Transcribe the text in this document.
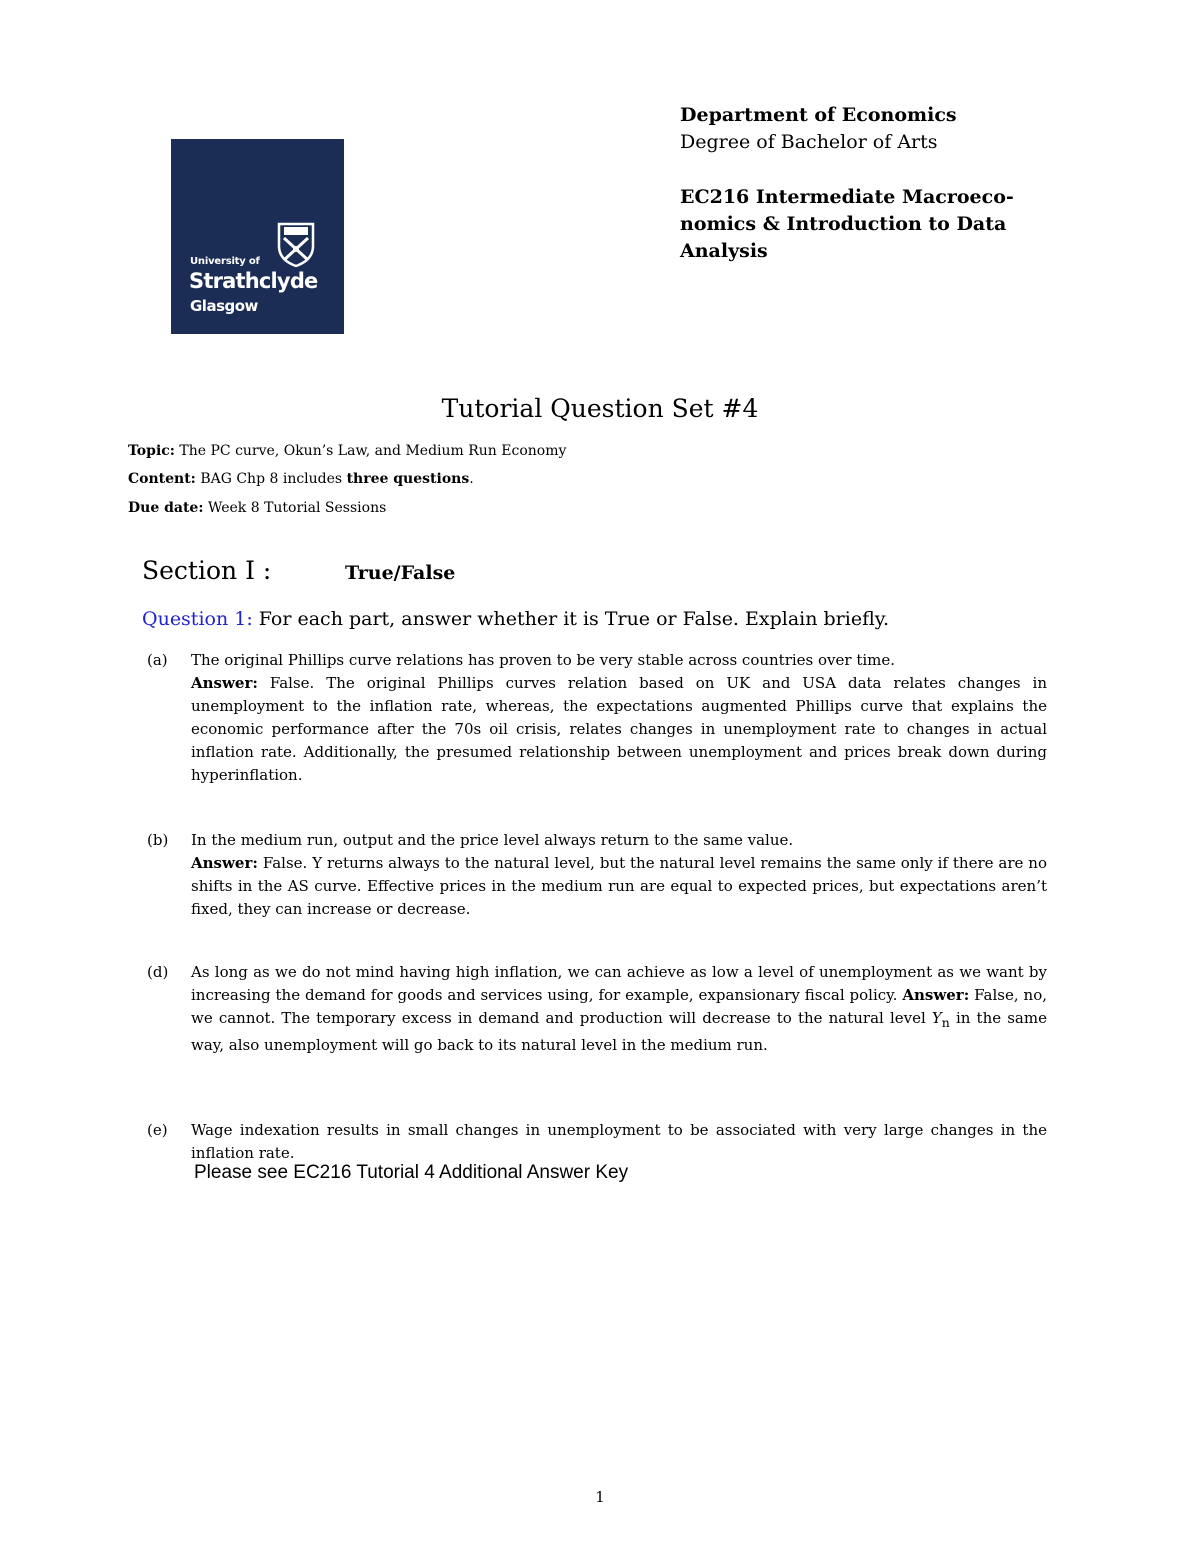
University of
Strathclyde
Glasgow
Department of Economics
Degree of Bachelor of Arts
EC216 Intermediate Macroeco-
nomics & Introduction to Data
Analysis
Tutorial Question Set #4
Topic: The PC curve, Okun’s Law, and Medium Run Economy
Content: BAG Chp 8 includes three questions.
Due date: Week 8 Tutorial Sessions
Section I :	True/False
Question 1: For each part, answer whether it is True or False. Explain briefly.
(a)	The original Phillips curve relations has proven to be very stable across countries over time.
Answer: False. The original Phillips curves relation based on UK and USA data relates changes in unemployment to the inflation rate, whereas, the expectations augmented Phillips curve that explains the economic performance after the 70s oil crisis, relates changes in unemployment rate to changes in actual inflation rate. Additionally, the presumed relationship between unemployment and prices break down during hyperinflation.
(b)	In the medium run, output and the price level always return to the same value.
Answer: False. Y returns always to the natural level, but the natural level remains the same only if there are no shifts in the AS curve. Effective prices in the medium run are equal to expected prices, but expectations aren’t fixed, they can increase or decrease.
(d)	As long as we do not mind having high inflation, we can achieve as low a level of unemployment as we want by increasing the demand for goods and services using, for example, expansionary fiscal policy. Answer: False, no, we cannot. The temporary excess in demand and production will decrease to the natural level $Y_n$ in the same way, also unemployment will go back to its natural level in the medium run.
(e)	Wage indexation results in small changes in unemployment to be associated with very large changes in the inflation rate.
Please see EC216 Tutorial 4 Additional Answer Key
1
